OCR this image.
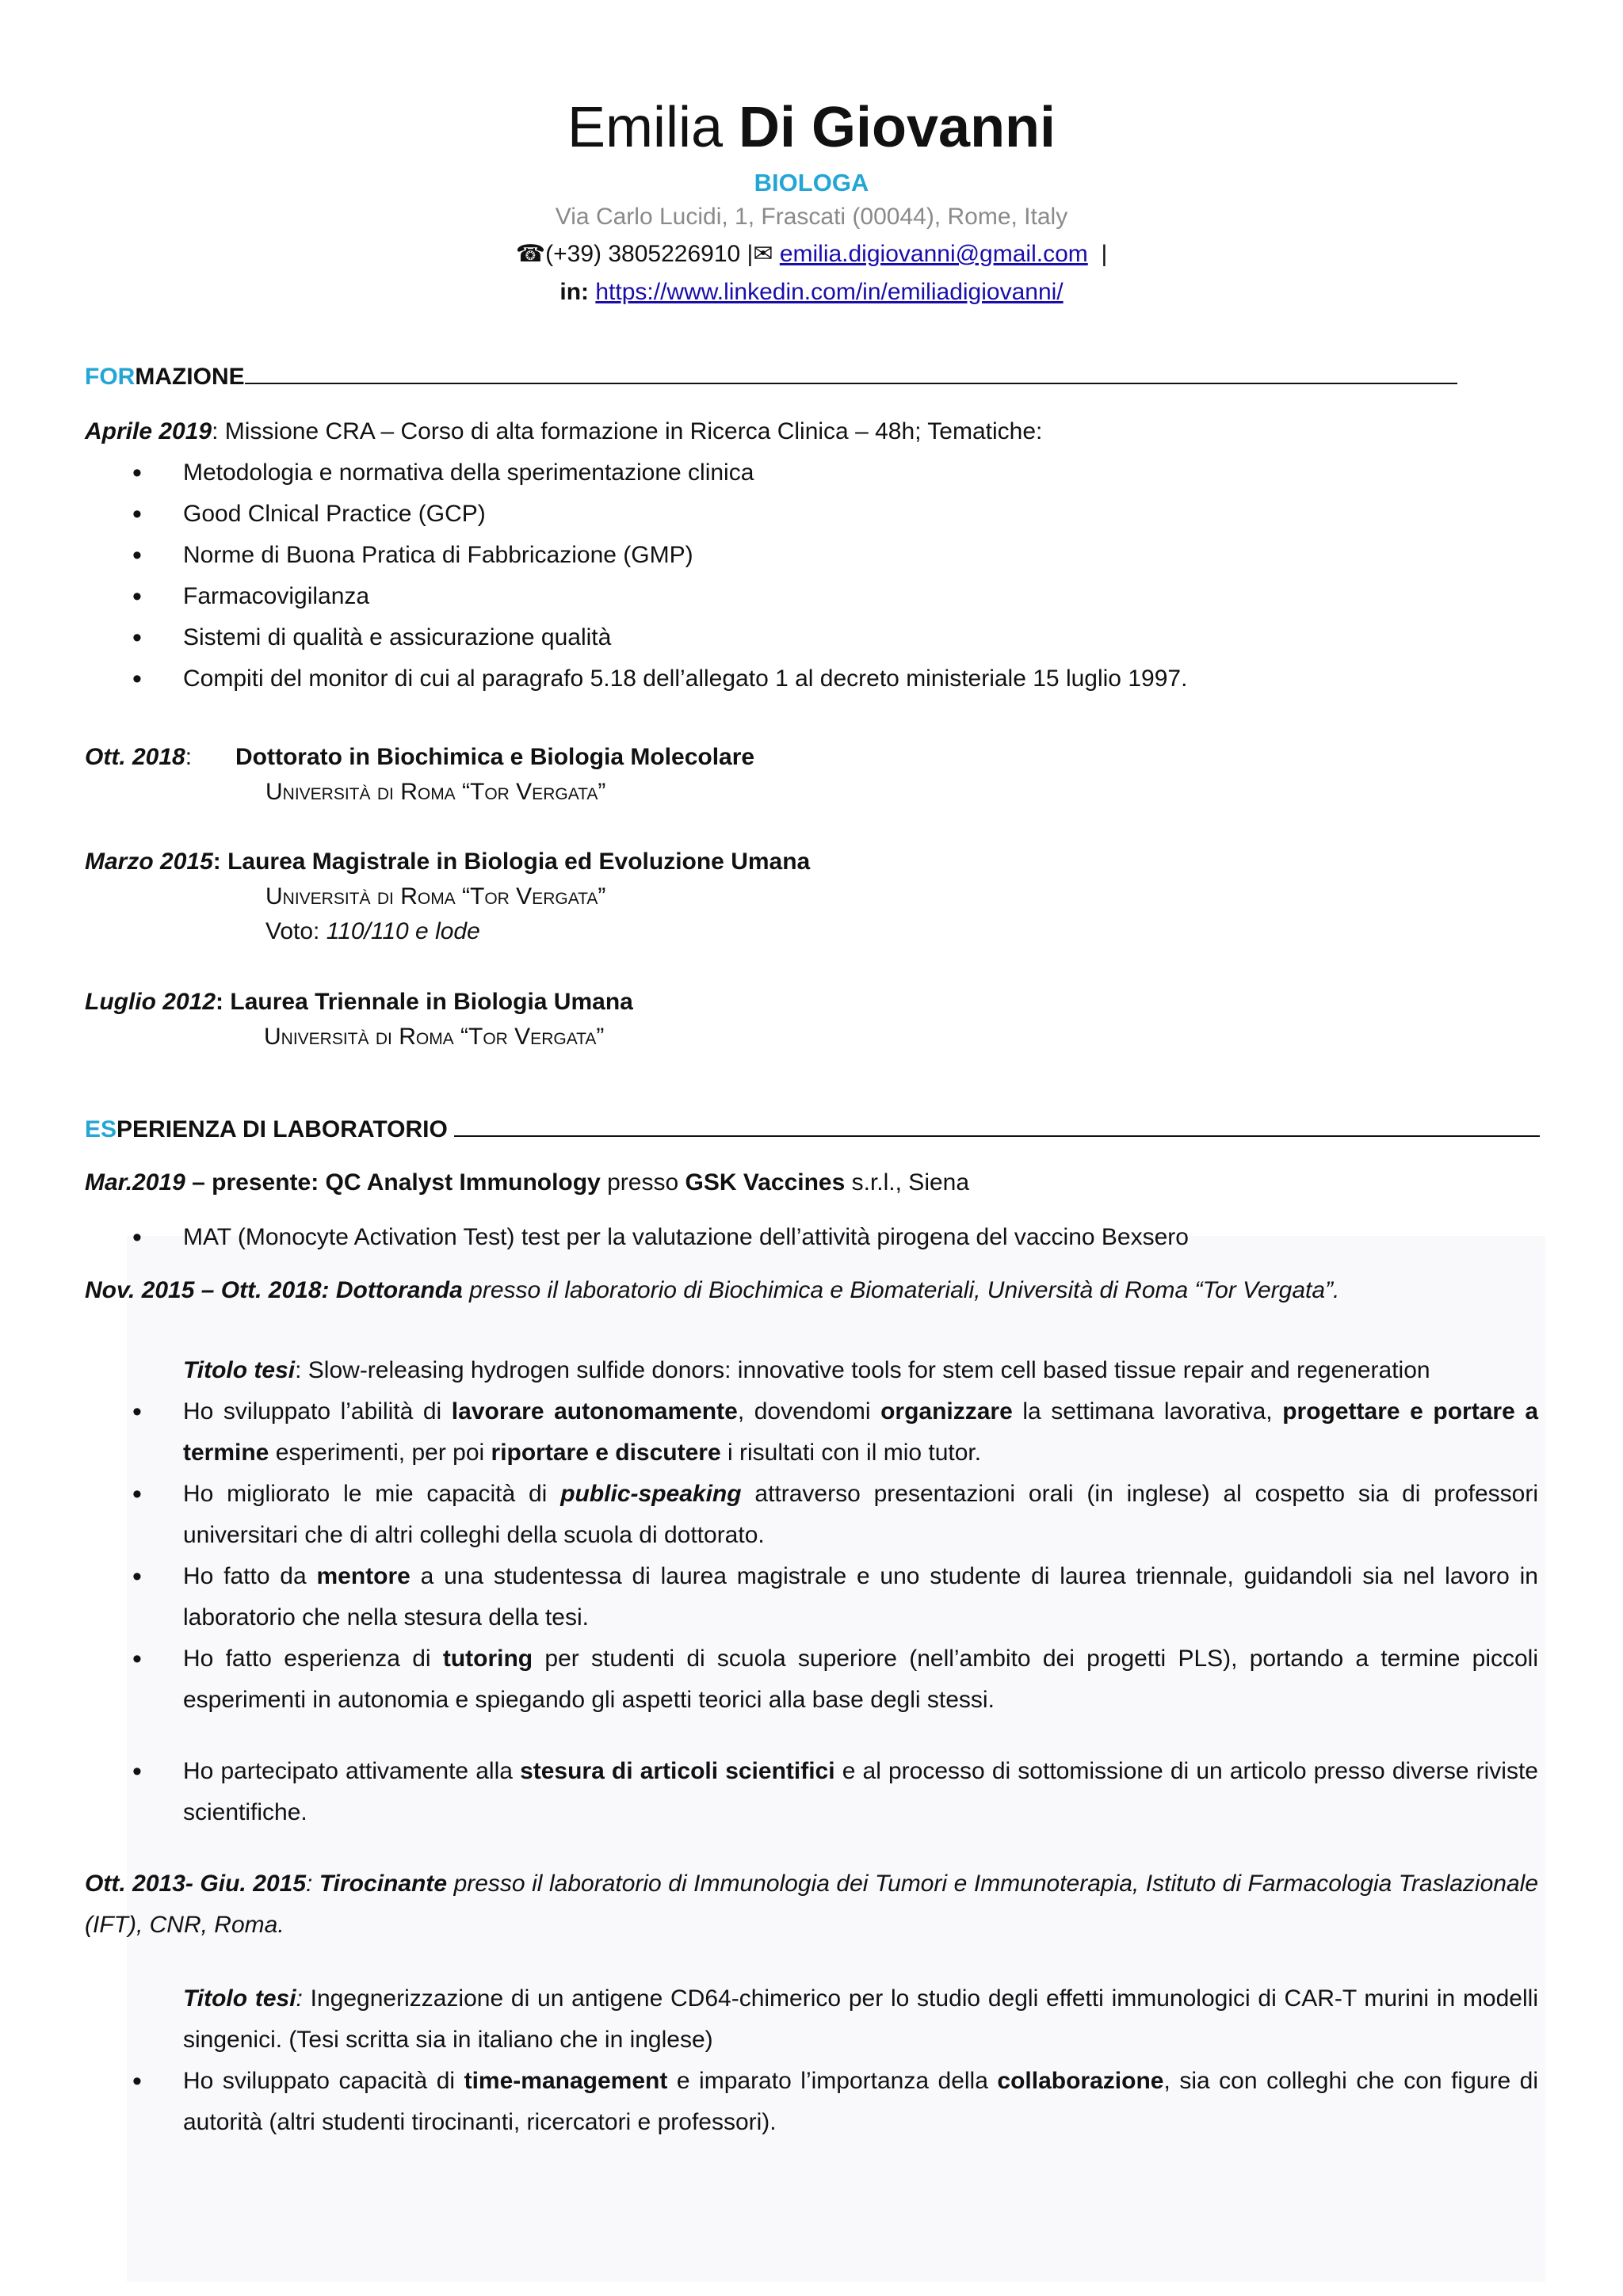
Emilia Di Giovanni
BIOLOGA
Via Carlo Lucidi, 1, Frascati (00044), Rome, Italy
☎(+39) 3805226910 |✉ emilia.digiovanni@gmail.com |
in: https://www.linkedin.com/in/emiliadigiovanni/
FORMAZIONE
Aprile 2019: Missione CRA – Corso di alta formazione in Ricerca Clinica – 48h; Tematiche:
• Metodologia e normativa della sperimentazione clinica
• Good Clnical Practice (GCP)
• Norme di Buona Pratica di Fabbricazione (GMP)
• Farmacovigilanza
• Sistemi di qualità e assicurazione qualità
• Compiti del monitor di cui al paragrafo 5.18 dell’allegato 1 al decreto ministeriale 15 luglio 1997.
Ott. 2018: Dottorato in Biochimica e Biologia Molecolare
Università di Roma “Tor Vergata”
Marzo 2015: Laurea Magistrale in Biologia ed Evoluzione Umana
Università di Roma “Tor Vergata”
Voto: 110/110 e lode
Luglio 2012: Laurea Triennale in Biologia Umana
Università di Roma “Tor Vergata”
ESPERIENZA DI LABORATORIO
Mar.2019 – presente: QC Analyst Immunology presso GSK Vaccines s.r.l., Siena
• MAT (Monocyte Activation Test) test per la valutazione dell’attività pirogena del vaccino Bexsero
Nov. 2015 – Ott. 2018: Dottoranda presso il laboratorio di Biochimica e Biomateriali, Università di Roma “Tor Vergata”.
Titolo tesi: Slow-releasing hydrogen sulfide donors: innovative tools for stem cell based tissue repair and regeneration
• Ho sviluppato l’abilità di lavorare autonomamente, dovendomi organizzare la settimana lavorativa, progettare e portare a termine esperimenti, per poi riportare e discutere i risultati con il mio tutor.
• Ho migliorato le mie capacità di public-speaking attraverso presentazioni orali (in inglese) al cospetto sia di professori universitari che di altri colleghi della scuola di dottorato.
• Ho fatto da mentore a una studentessa di laurea magistrale e uno studente di laurea triennale, guidandoli sia nel lavoro in laboratorio che nella stesura della tesi.
• Ho fatto esperienza di tutoring per studenti di scuola superiore (nell’ambito dei progetti PLS), portando a termine piccoli esperimenti in autonomia e spiegando gli aspetti teorici alla base degli stessi.
• Ho partecipato attivamente alla stesura di articoli scientifici e al processo di sottomissione di un articolo presso diverse riviste scientifiche.
Ott. 2013- Giu. 2015: Tirocinante presso il laboratorio di Immunologia dei Tumori e Immunoterapia, Istituto di Farmacologia Traslazionale (IFT), CNR, Roma.
Titolo tesi: Ingegnerizzazione di un antigene CD64-chimerico per lo studio degli effetti immunologici di CAR-T murini in modelli singenici. (Tesi scritta sia in italiano che in inglese)
• Ho sviluppato capacità di time-management e imparato l’importanza della collaborazione, sia con colleghi che con figure di autorità (altri studenti tirocinanti, ricercatori e professori).
